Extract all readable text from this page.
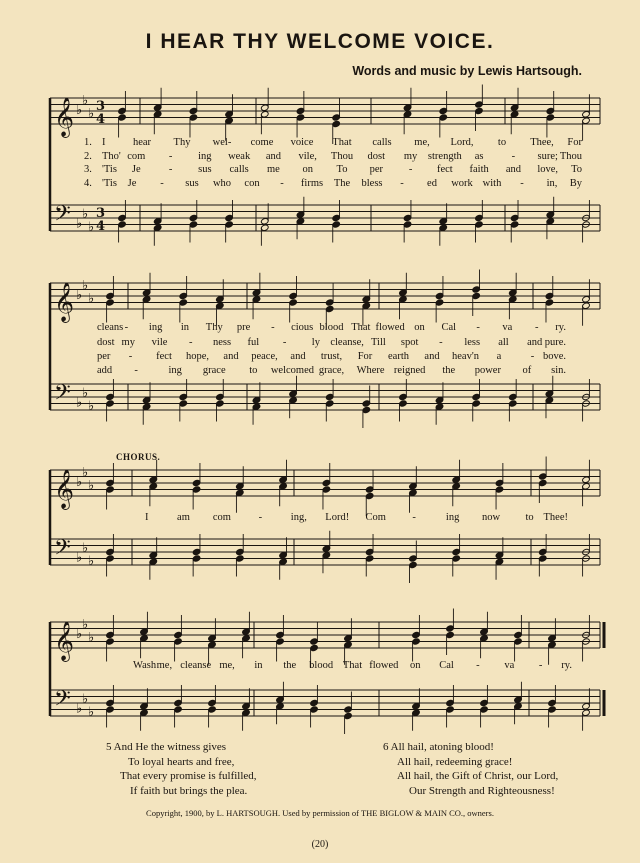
I HEAR THY WELCOME VOICE.
Words and music by Lewis Hartsough.
𝄞
𝄢
♭
♭
♭
♭
♭
♭
3
4
3
4
𝄞
𝄢
♭
♭
♭
♭
♭
♭
𝄞
𝄢
♭
♭
♭
♭
♭
♭
𝄞
𝄢
♭
♭
♭
♭
♭
♭
CHORUS.
1. I	hear Thy wel- come voice That calls me, Lord, to Thee, For
2. Tho' com - ing weak and vile, Thou dost my strength as	- sure; Thou
3. 'Tis Je	- sus calls me on To per - fect faith and love, To
4. 'Tis Je - sus who con - firms The bless - ed work with - in, By
cleans - ing in Thy pre - cious blood That flowed on Cal - va - ry.
dost my vile - ness ful - ly cleanse, Till spot - less all and pure.
per - fect hope, and peace, and trust, For earth and heav'n a	- bove.
add -	ing grace to welcomed grace, Where reigned the power of sin.
I	am com	-	ing, Lord! Com	-	ing now to Thee!
Wash me, cleanse me, in the blood That flowed on Cal - va - ry.
5 And He the witness gives
To loyal hearts and free,
That every promise is fulfilled,
If faith but brings the plea.
6 All hail, atoning blood!
All hail, redeeming grace!
All hail, the Gift of Christ, our Lord,
Our Strength and Righteousness!
Copyright, 1900, by L. HARTSOUGH. Used by permission of THE BIGLOW & MAIN CO., owners.
(20)
